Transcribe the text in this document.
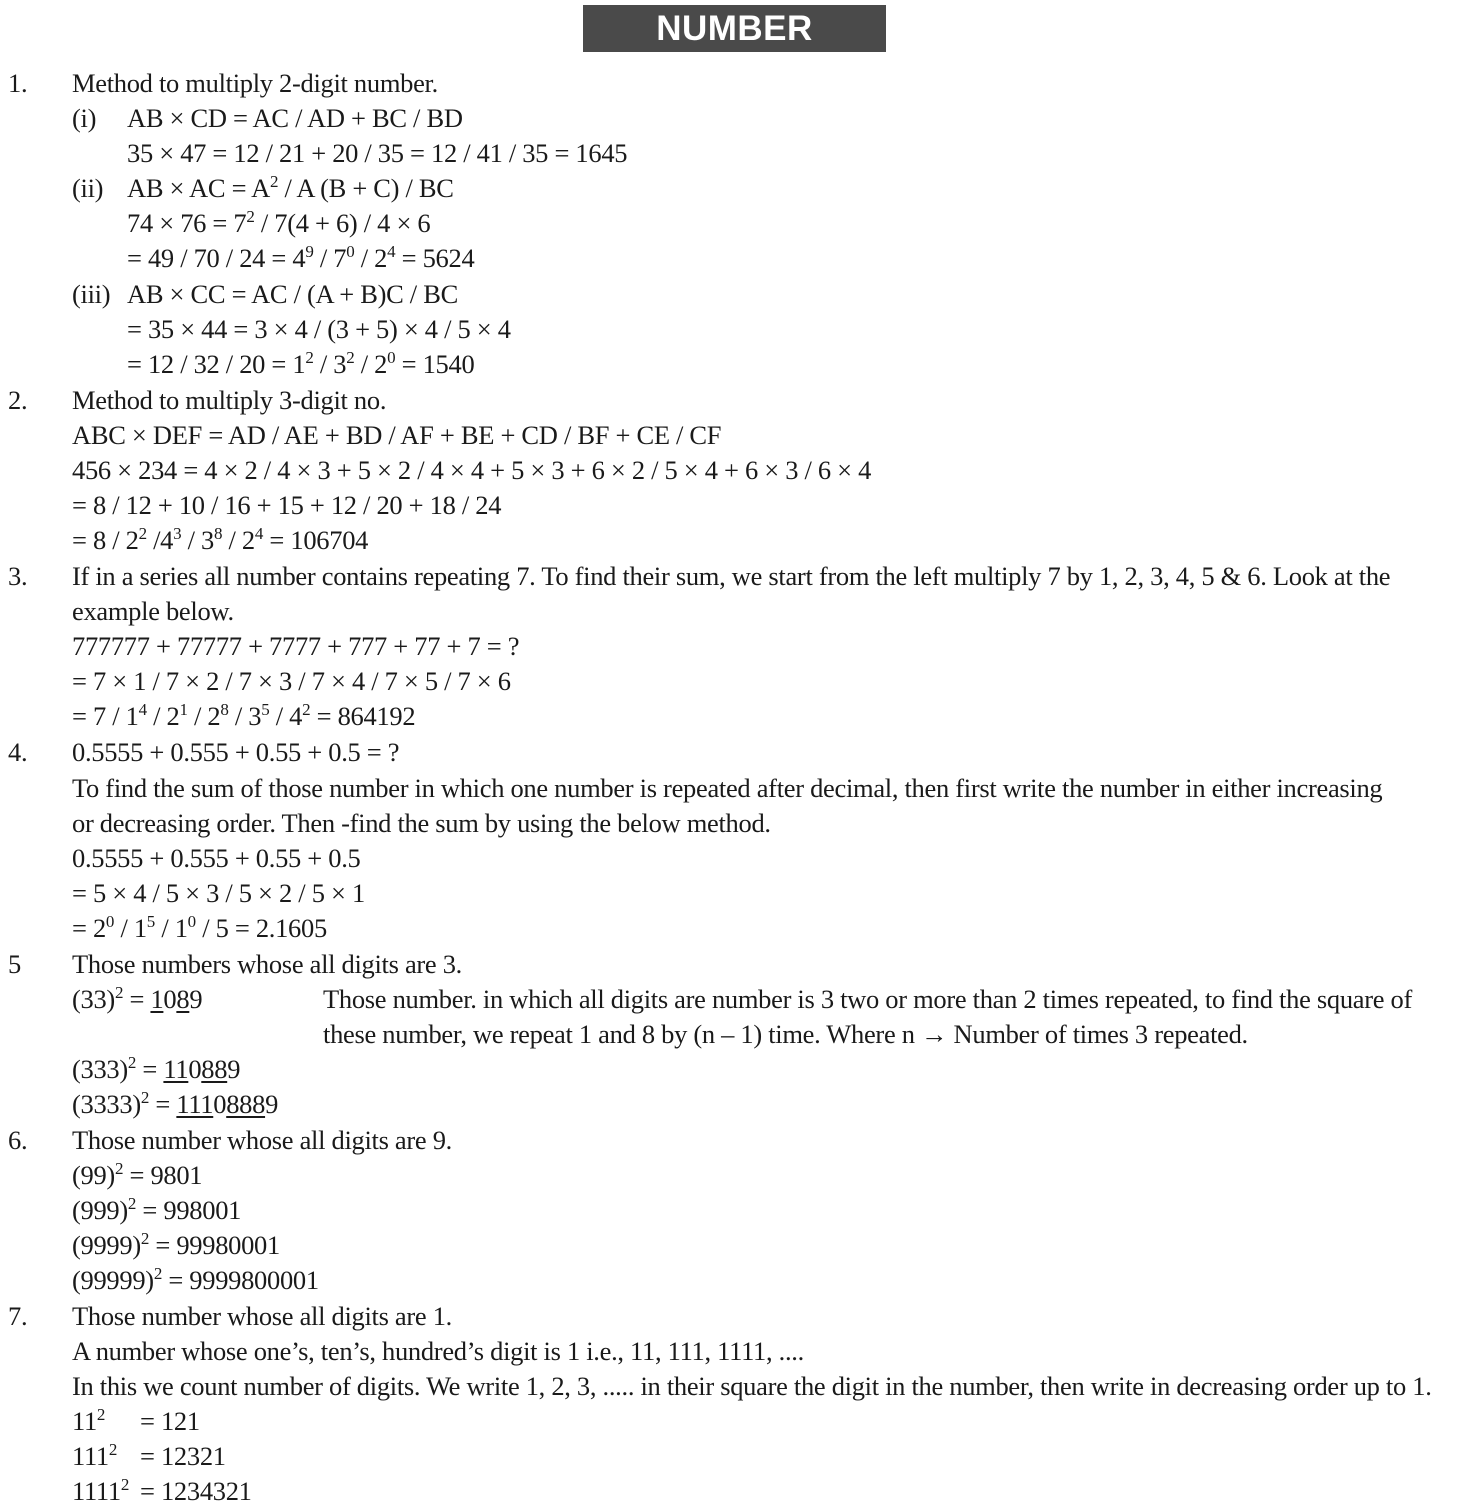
NUMBER SYSTEM
1. Method to multiply 2-digit number.
(i) AB × CD = AC / AD + BC / BD
35 × 47 = 12 / 21 + 20 / 35 = 12 / 41 / 35 = 1645
(ii) AB × AC = $A^2$ / A (B + C) / BC
$74 \times 76 = 7^2 / 7(4 + 6) / 4 \times 6$
= $49 / 70 / 24 = 4^9 / 7^0 / 2^4 = 5624$
(iii) AB × CC = AC / (A + B)C / BC
= 35 × 44 = 3 × 4 / (3 + 5) × 4 / 5 × 4
= $12 / 32 / 20 = 1^2 / 3^2 / 2^0 = 1540$
2. Method to multiply 3-digit no.
ABC × DEF = AD / AE + BD / AF + BE + CD / BF + CE / CF
456 × 234 = 4 × 2 / 4 × 3 + 5 × 2 / 4 × 4 + 5 × 3 + 6 × 2 / 5 × 4 + 6 × 3 / 6 × 4
= 8 / 12 + 10 / 16 + 15 + 12 / 20 + 18 / 24
= $8 / 2^2$ $/4^3 / 3^8 / 2^4 = 106704$
3. If in a series all number contains repeating 7. To find their sum, we start from the left multiply 7 by 1, 2, 3, 4, 5 & 6. Look at the
example below.
777777 + 77777 + 7777 + 777 + 77 + 7 = ?
= 7 × 1 / 7 × 2 / 7 × 3 / 7 × 4 / 7 × 5 / 7 × 6
= $7 / 1^4 / 2^1 / 2^8 / 3^5 / 4^2 = 864192$
4. 0.5555 + 0.555 + 0.55 + 0.5 = ?
To find the sum of those number in which one number is repeated after decimal, then first write the number in either increasing
or decreasing order. Then -find the sum by using the below method.
0.5555 + 0.555 + 0.55 + 0.5
= 5 × 4 / 5 × 3 / 5 × 2 / 5 × 1
= $2^0 / 1^5 / 1^0 / 5 = 2.1605$
5 Those numbers whose all digits are 3.
$(33)^2 = 1089$	Those number. in which all digits are number is 3 two or more than 2 times repeated, to find the square of
these number, we repeat 1 and 8 by (n – 1) time. Where n → Number of times 3 repeated.
$(333)^2 = 110889$
$(3333)^2 = 11108889$
6. Those number whose all digits are 9.
$(99)^2 = 9801$
$(999)^2 = 998001$
$(9999)^2 = 99980001$
$(99999)^2 = 9999800001$
7. Those number whose all digits are 1.
A number whose one’s, ten’s, hundred’s digit is 1 i.e., 11, 111, 1111, ....
In this we count number of digits. We write 1, 2, 3, ..... in their square the digit in the number, then write in decreasing order up to 1.
$11^2 = 121$
$111^2 = 12321$
$1111^2 = 1234321$
